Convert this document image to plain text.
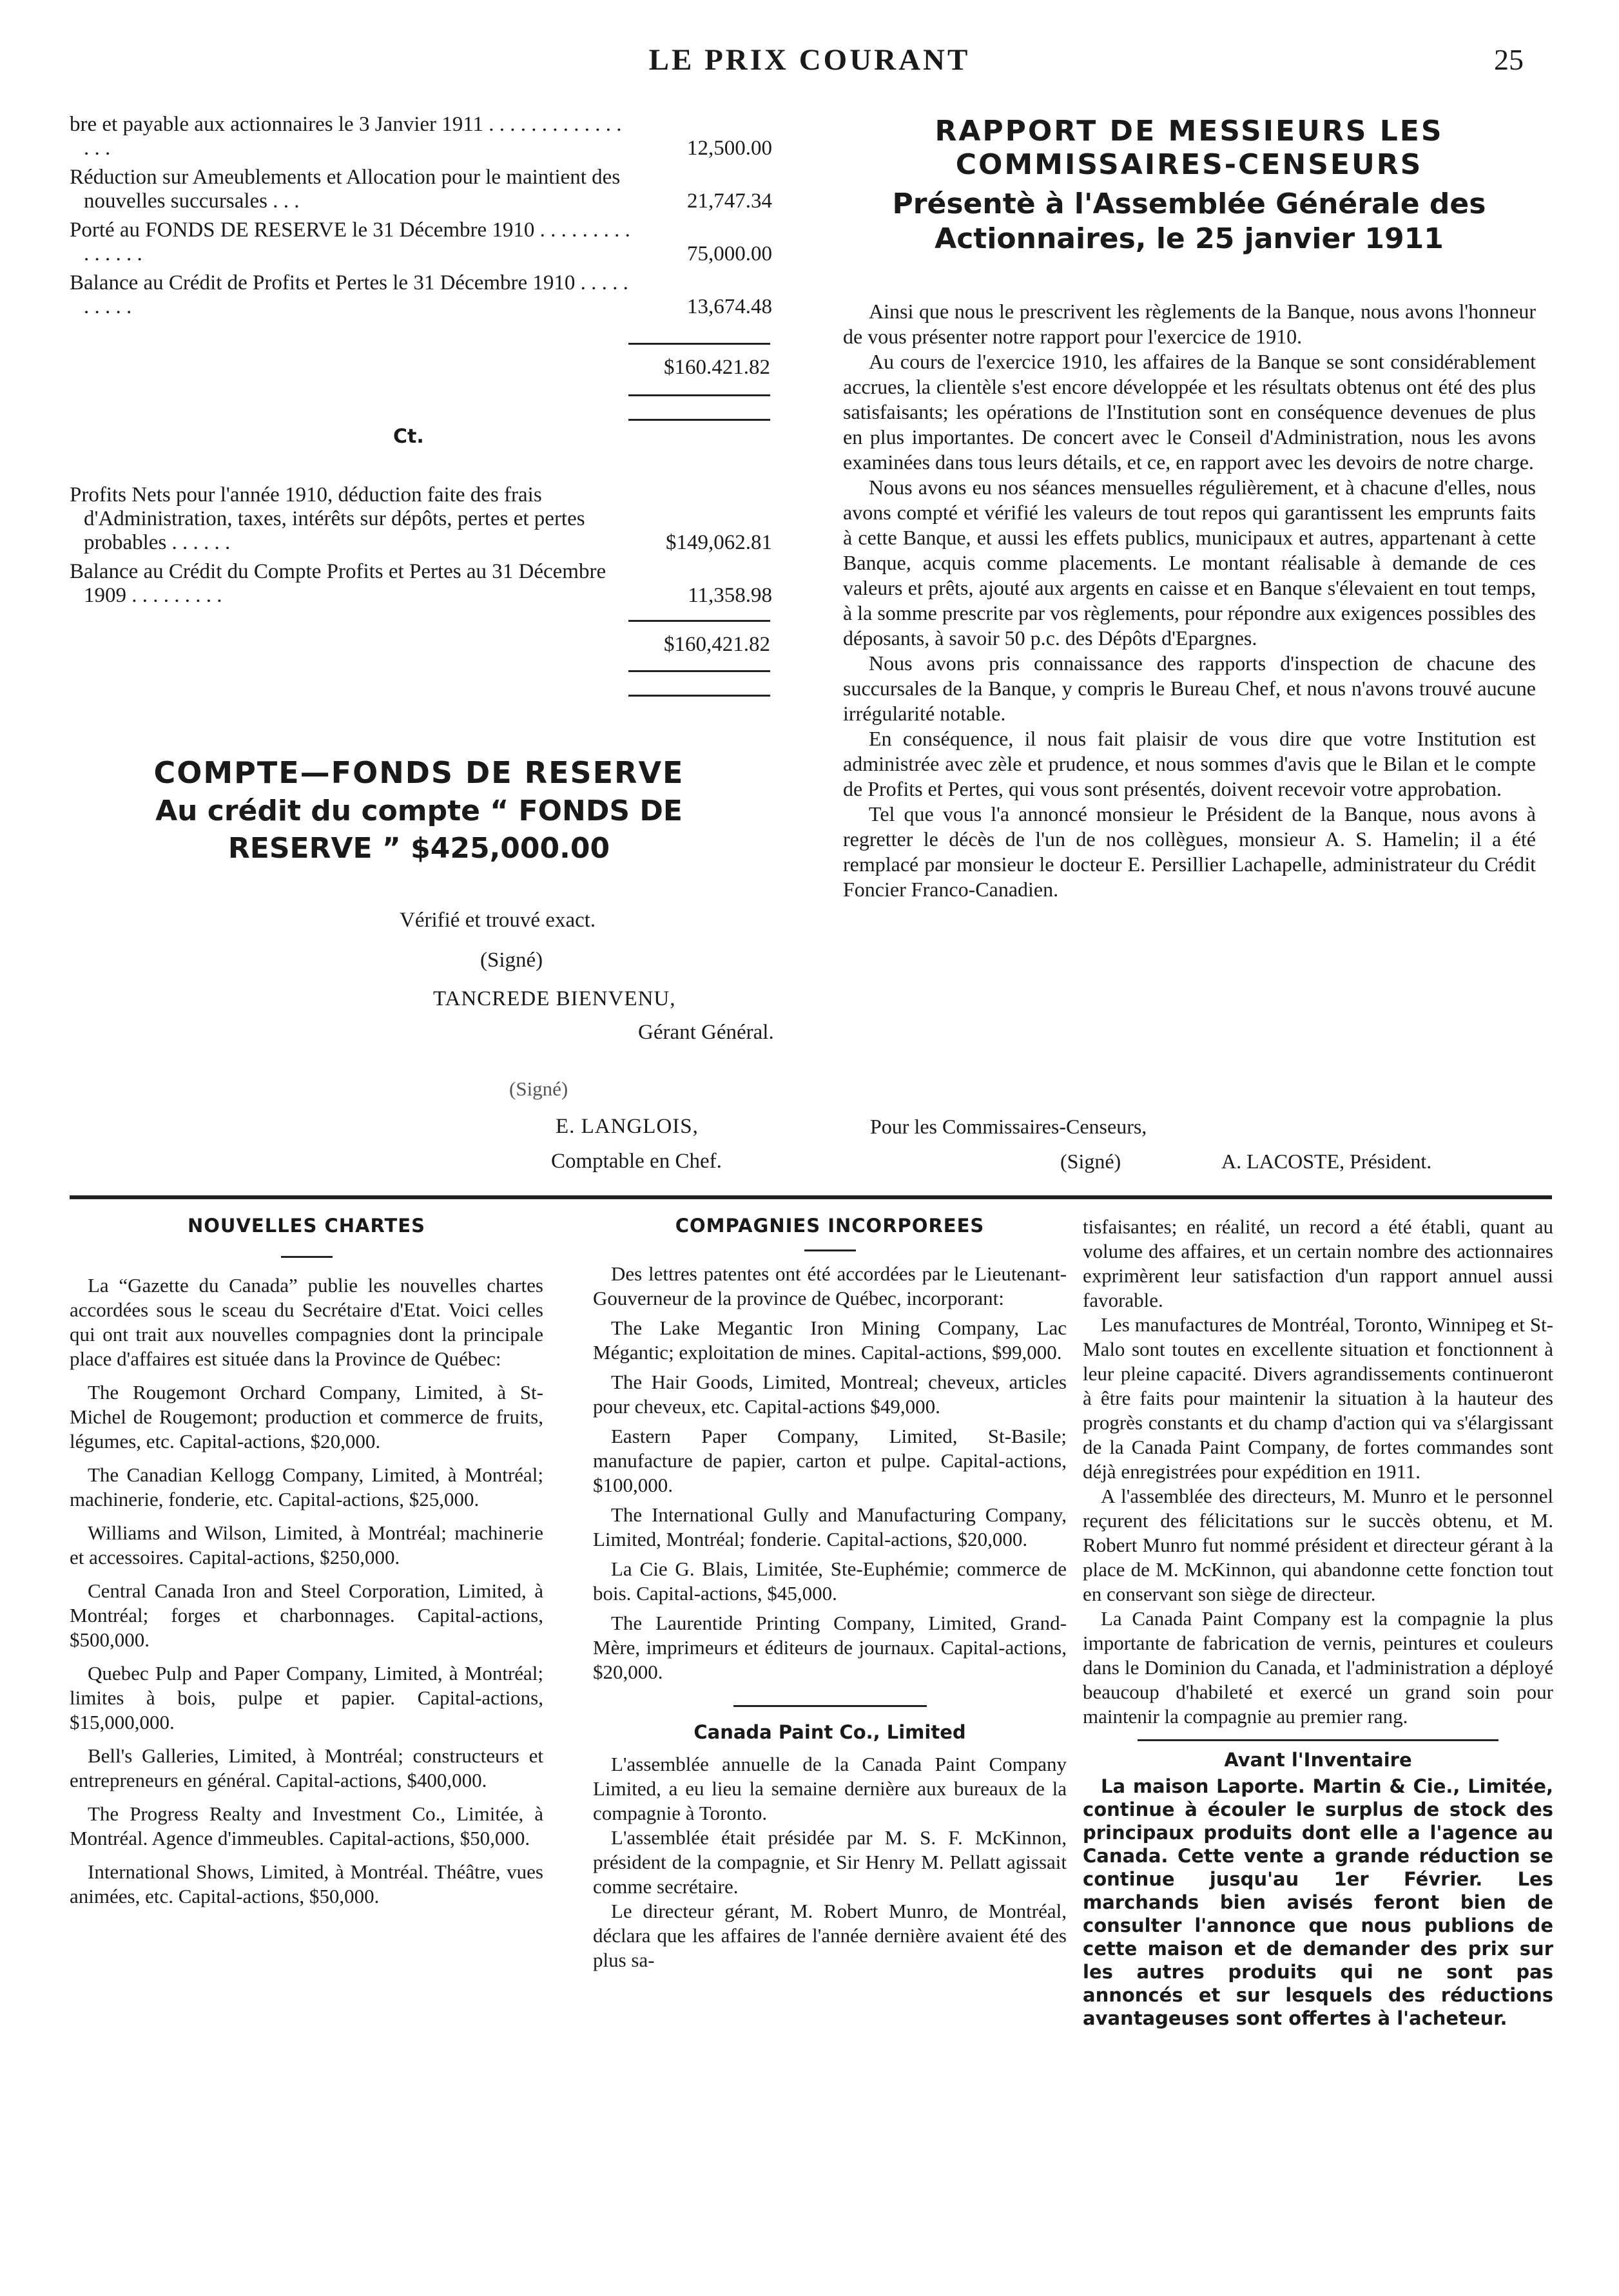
LE PRIX COURANT	25
bre et payable aux actionnaires le 3 Janvier 1911 . . . . . . . . . . . . . . . .	12,500.00
Réduction sur Ameublements et Allocation pour le maintient des nouvelles succursales . . .	21,747.34
Porté au FONDS DE RESERVE le 31 Décembre 1910 . . . . . . . . . . . . . . .	75,000.00
Balance au Crédit de Profits et Pertes le 31 Décembre 1910 . . . . . . . . . .	13,674.48
$160.421.82
Ct.
Profits Nets pour l'année 1910, déduction faite des frais d'Administration, taxes, intérêts sur dépôts, pertes et pertes probables . . . . . .	$149,062.81
Balance au Crédit du Compte Profits et Pertes au 31 Décembre 1909 . . . . . . . . .	11,358.98
$160,421.82
COMPTE—FONDS DE RESERVE
Au crédit du compte “ FONDS DE RESERVE ” $425,000.00
Vérifié et trouvé exact.
(Signé)
TANCREDE BIENVENU,
Gérant Général.
(Signé)
E. LANGLOIS,
Comptable en Chef.
RAPPORT DE MESSIEURS LES COMMISSAIRES-CENSEURS
Présentè à l'Assemblée Générale des Actionnaires, le 25 janvier 1911

Ainsi que nous le prescrivent les règlements de la Banque, nous avons l'honneur de vous présenter notre rapport pour l'exercice de 1910.

Au cours de l'exercice 1910, les affaires de la Banque se sont considérablement accrues, la clientèle s'est encore développée et les résultats obtenus ont été des plus satisfaisants; les opérations de l'Institution sont en conséquence devenues de plus en plus importantes. De concert avec le Conseil d'Administration, nous les avons examinées dans tous leurs détails, et ce, en rapport avec les devoirs de notre charge.

Nous avons eu nos séances mensuelles régulièrement, et à chacune d'elles, nous avons compté et vérifié les valeurs de tout repos qui garantissent les emprunts faits à cette Banque, et aussi les effets publics, municipaux et autres, appartenant à cette Banque, acquis comme placements. Le montant réalisable à demande de ces valeurs et prêts, ajouté aux argents en caisse et en Banque s'élevaient en tout temps, à la somme prescrite par vos règlements, pour répondre aux exigences possibles des déposants, à savoir 50 p.c. des Dépôts d'Epargnes.

Nous avons pris connaissance des rapports d'inspection de chacune des succursales de la Banque, y compris le Bureau Chef, et nous n'avons trouvé aucune irrégularité notable.

En conséquence, il nous fait plaisir de vous dire que votre Institution est administrée avec zèle et prudence, et nous sommes d'avis que le Bilan et le compte de Profits et Pertes, qui vous sont présentés, doivent recevoir votre approbation.

Tel que vous l'a annoncé monsieur le Président de la Banque, nous avons à regretter le décès de l'un de nos collègues, monsieur A. S. Hamelin; il a été remplacé par monsieur le docteur E. Persillier Lachapelle, administrateur du Crédit Foncier Franco-Canadien.

Pour les Commissaires-Censeurs,
(Signé)	A. LACOSTE, Président.
NOUVELLES CHARTES

La “Gazette du Canada” publie les nouvelles chartes accordées sous le sceau du Secrétaire d'Etat. Voici celles qui ont trait aux nouvelles compagnies dont la principale place d'affaires est située dans la Province de Québec:

The Rougemont Orchard Company, Limited, à St-Michel de Rougemont; production et commerce de fruits, légumes, etc. Capital-actions, $20,000.

The Canadian Kellogg Company, Limited, à Montréal; machinerie, fonderie, etc. Capital-actions, $25,000.

Williams and Wilson, Limited, à Montréal; machinerie et accessoires. Capital-actions, $250,000.

Central Canada Iron and Steel Corporation, Limited, à Montréal; forges et charbonnages. Capital-actions, $500,000.

Quebec Pulp and Paper Company, Limited, à Montréal; limites à bois, pulpe et papier. Capital-actions, $15,000,000.

Bell's Galleries, Limited, à Montréal; constructeurs et entrepreneurs en général. Capital-actions, $400,000.

The Progress Realty and Investment Co., Limitée, à Montréal. Agence d'immeubles. Capital-actions, $50,000.

International Shows, Limited, à Montréal. Théâtre, vues animées, etc. Capital-actions, $50,000.

COMPAGNIES INCORPOREES

Des lettres patentes ont été accordées par le Lieutenant-Gouverneur de la province de Québec, incorporant:

The Lake Megantic Iron Mining Company, Lac Mégantic; exploitation de mines. Capital-actions, $99,000.

The Hair Goods, Limited, Montreal; cheveux, articles pour cheveux, etc. Capital-actions $49,000.

Eastern Paper Company, Limited, St-Basile; manufacture de papier, carton et pulpe. Capital-actions, $100,000.

The International Gully and Manufacturing Company, Limited, Montréal; fonderie. Capital-actions, $20,000.

La Cie G. Blais, Limitée, Ste-Euphémie; commerce de bois. Capital-actions, $45,000.

The Laurentide Printing Company, Limited, Grand-Mère, imprimeurs et éditeurs de journaux. Capital-actions, $20,000.

Canada Paint Co., Limited

L'assemblée annuelle de la Canada Paint Company Limited, a eu lieu la semaine dernière aux bureaux de la compagnie à Toronto.

L'assemblée était présidée par M. S. F. McKinnon, président de la compagnie, et Sir Henry M. Pellatt agissait comme secrétaire.

Le directeur gérant, M. Robert Munro, de Montréal, déclara que les affaires de l'année dernière avaient été des plus sa-

tisfaisantes; en réalité, un record a été établi, quant au volume des affaires, et un certain nombre des actionnaires exprimèrent leur satisfaction d'un rapport annuel aussi favorable.

Les manufactures de Montréal, Toronto, Winnipeg et St-Malo sont toutes en excellente situation et fonctionnent à leur pleine capacité. Divers agrandissements continueront à être faits pour maintenir la situation à la hauteur des progrès constants et du champ d'action qui va s'élargissant de la Canada Paint Company, de fortes commandes sont déjà enregistrées pour expédition en 1911.

A l'assemblée des directeurs, M. Munro et le personnel reçurent des félicitations sur le succès obtenu, et M. Robert Munro fut nommé président et directeur gérant à la place de M. McKinnon, qui abandonne cette fonction tout en conservant son siège de directeur.

La Canada Paint Company est la compagnie la plus importante de fabrication de vernis, peintures et couleurs dans le Dominion du Canada, et l'administration a déployé beaucoup d'habileté et exercé un grand soin pour maintenir la compagnie au premier rang.

Avant l'Inventaire

La maison Laporte. Martin & Cie., Limitée, continue à écouler le surplus de stock des principaux produits dont elle a l'agence au Canada. Cette vente a grande réduction se continue jusqu'au 1er Février. Les marchands bien avisés feront bien de consulter l'annonce que nous publions de cette maison et de demander des prix sur les autres produits qui ne sont pas annoncés et sur lesquels des réductions avantageuses sont offertes à l'acheteur.
